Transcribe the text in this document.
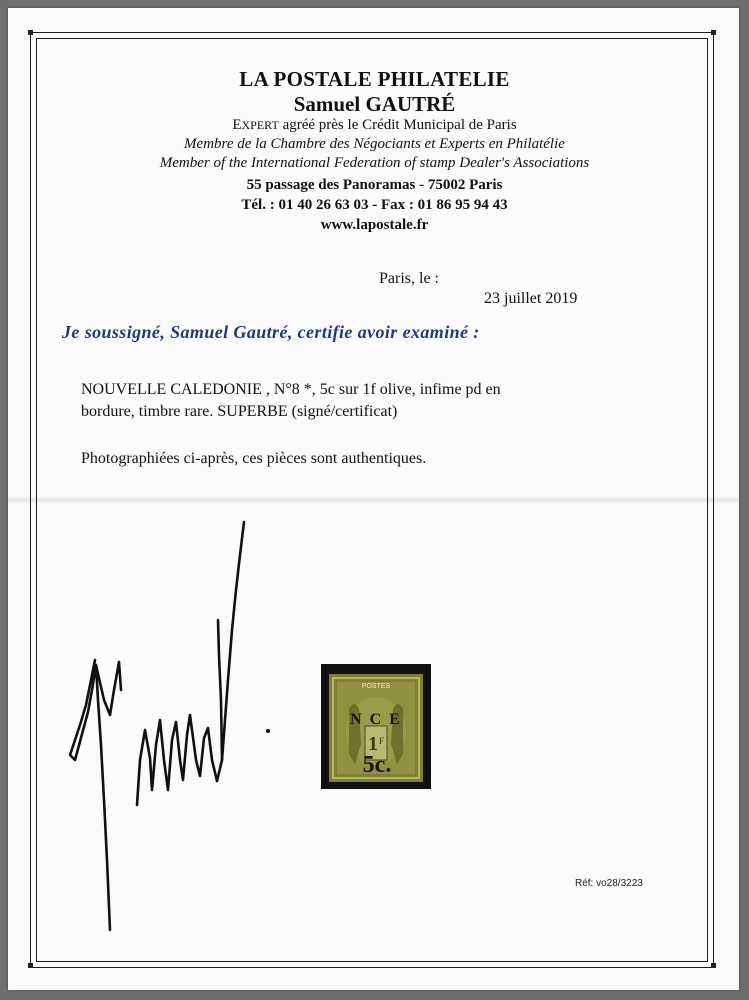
LA POSTALE PHILATELIE
Samuel GAUTRÉ
EXPERT agréé près le Crédit Municipal de Paris
Membre de la Chambre des Négociants et Experts en Philatélie
Member of the International Federation of stamp Dealer's Associations
55 passage des Panoramas - 75002 Paris
Tél. : 01 40 26 63 03 - Fax : 01 86 95 94 43
www.lapostale.fr
Paris, le :
23 juillet 2019
Je soussigné, Samuel Gautré, certifie avoir examiné :
NOUVELLE CALEDONIE , N°8 *, 5c sur 1f olive, infime pd en
bordure, timbre rare. SUPERBE (signé/certificat)
Photographiées ci-après, ces pièces sont authentiques.
POSTES
1 F
N C E
5c.
Réf: vo28/3223
